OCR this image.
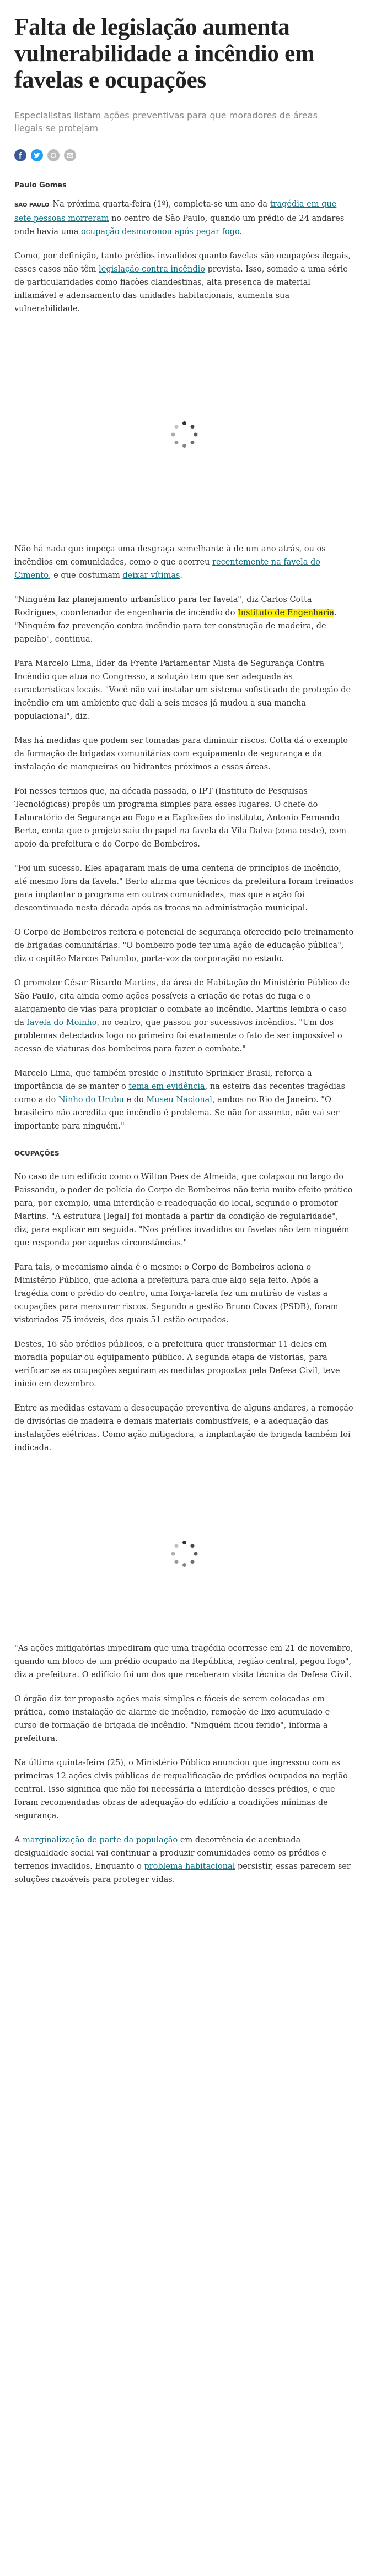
Falta de legislação aumenta vulnerabilidade a incêndio em favelas e ocupações

Especialistas listam ações preventivas para que moradores de áreas ilegais se protejam

Paulo Gomes

SÃO PAULO Na próxima quarta-feira (1º), completa-se um ano da tragédia em que sete pessoas morreram no centro de São Paulo, quando um prédio de 24 andares onde havia uma ocupação desmoronou após pegar fogo.

Como, por definição, tanto prédios invadidos quanto favelas são ocupações ilegais, esses casos não têm legislação contra incêndio prevista. Isso, somado a uma série de particularidades como fiações clandestinas, alta presença de material inflamável e adensamento das unidades habitacionais, aumenta sua vulnerabilidade.

Não há nada que impeça uma desgraça semelhante à de um ano atrás, ou os incêndios em comunidades, como o que ocorreu recentemente na favela do Cimento, e que costumam deixar vítimas.

"Ninguém faz planejamento urbanístico para ter favela", diz Carlos Cotta Rodrigues, coordenador de engenharia de incêndio do Instituto de Engenharia. "Ninguém faz prevenção contra incêndio para ter construção de madeira, de papelão", continua.

Para Marcelo Lima, líder da Frente Parlamentar Mista de Segurança Contra Incêndio que atua no Congresso, a solução tem que ser adequada às características locais. "Você não vai instalar um sistema sofisticado de proteção de incêndio em um ambiente que dali a seis meses já mudou a sua mancha populacional", diz.

Mas há medidas que podem ser tomadas para diminuir riscos. Cotta dá o exemplo da formação de brigadas comunitárias com equipamento de segurança e da instalação de mangueiras ou hidrantes próximos a essas áreas.

Foi nesses termos que, na década passada, o IPT (Instituto de Pesquisas Tecnológicas) propôs um programa simples para esses lugares. O chefe do Laboratório de Segurança ao Fogo e a Explosões do instituto, Antonio Fernando Berto, conta que o projeto saiu do papel na favela da Vila Dalva (zona oeste), com apoio da prefeitura e do Corpo de Bombeiros.

"Foi um sucesso. Eles apagaram mais de uma centena de princípios de incêndio, até mesmo fora da favela." Berto afirma que técnicos da prefeitura foram treinados para implantar o programa em outras comunidades, mas que a ação foi descontinuada nesta década após as trocas na administração municipal.

O Corpo de Bombeiros reitera o potencial de segurança oferecido pelo treinamento de brigadas comunitárias. "O bombeiro pode ter uma ação de educação pública", diz o capitão Marcos Palumbo, porta-voz da corporação no estado.

O promotor César Ricardo Martins, da área de Habitação do Ministério Público de São Paulo, cita ainda como ações possíveis a criação de rotas de fuga e o alargamento de vias para propiciar o combate ao incêndio. Martins lembra o caso da favela do Moinho, no centro, que passou por sucessivos incêndios. "Um dos problemas detectados logo no primeiro foi exatamente o fato de ser impossível o acesso de viaturas dos bombeiros para fazer o combate."

Marcelo Lima, que também preside o Instituto Sprinkler Brasil, reforça a importância de se manter o tema em evidência, na esteira das recentes tragédias como a do Ninho do Urubu e do Museu Nacional, ambos no Rio de Janeiro. "O brasileiro não acredita que incêndio é problema. Se não for assunto, não vai ser importante para ninguém."

OCUPAÇÕES

No caso de um edifício como o Wilton Paes de Almeida, que colapsou no largo do Paissandu, o poder de polícia do Corpo de Bombeiros não teria muito efeito prático para, por exemplo, uma interdição e readequação do local, segundo o promotor Martins. "A estrutura [legal] foi montada a partir da condição de regularidade", diz, para explicar em seguida. "Nos prédios invadidos ou favelas não tem ninguém que responda por aquelas circunstâncias."

Para tais, o mecanismo ainda é o mesmo: o Corpo de Bombeiros aciona o Ministério Público, que aciona a prefeitura para que algo seja feito. Após a tragédia com o prédio do centro, uma força-tarefa fez um mutirão de vistas a ocupações para mensurar riscos. Segundo a gestão Bruno Covas (PSDB), foram vistoriados 75 imóveis, dos quais 51 estão ocupados.

Destes, 16 são prédios públicos, e a prefeitura quer transformar 11 deles em moradia popular ou equipamento público. A segunda etapa de vistorias, para verificar se as ocupações seguiram as medidas propostas pela Defesa Civil, teve início em dezembro.

Entre as medidas estavam a desocupação preventiva de alguns andares, a remoção de divisórias de madeira e demais materiais combustíveis, e a adequação das instalações elétricas. Como ação mitigadora, a implantação de brigada também foi indicada.

"As ações mitigatórias impediram que uma tragédia ocorresse em 21 de novembro, quando um bloco de um prédio ocupado na República, região central, pegou fogo", diz a prefeitura. O edifício foi um dos que receberam visita técnica da Defesa Civil.

O órgão diz ter proposto ações mais simples e fáceis de serem colocadas em prática, como instalação de alarme de incêndio, remoção de lixo acumulado e curso de formação de brigada de incêndio. "Ninguém ficou ferido", informa a prefeitura.

Na última quinta-feira (25), o Ministério Público anunciou que ingressou com as primeiras 12 ações civis públicas de requalificação de prédios ocupados na região central. Isso significa que não foi necessária a interdição desses prédios, e que foram recomendadas obras de adequação do edifício a condições mínimas de segurança.

A marginalização de parte da população em decorrência de acentuada desigualdade social vai continuar a produzir comunidades como os prédios e terrenos invadidos. Enquanto o problema habitacional persistir, essas parecem ser soluções razoáveis para proteger vidas.
